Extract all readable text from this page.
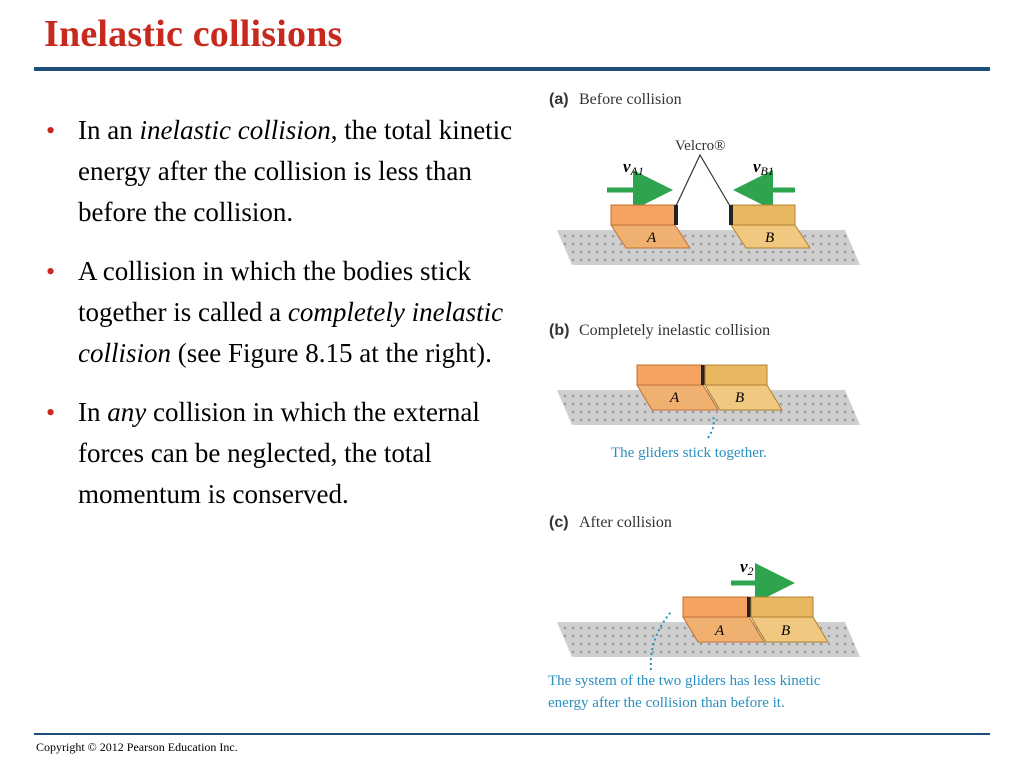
Inelastic collisions
• In an inelastic collision, the total kinetic energy after the collision is less than before the collision.
• A collision in which the bodies stick together is called a completely inelastic collision (see Figure 8.15 at the right).
• In any collision in which the external forces can be neglected, the total momentum is conserved.
(a) Before collision
Velcro®
vA1	vB1
A	B
(b) Completely inelastic collision
A	B
The gliders stick together.
(c) After collision
v2
A	B
The system of the two gliders has less kinetic
energy after the collision than before it.
Copyright © 2012 Pearson Education Inc.
